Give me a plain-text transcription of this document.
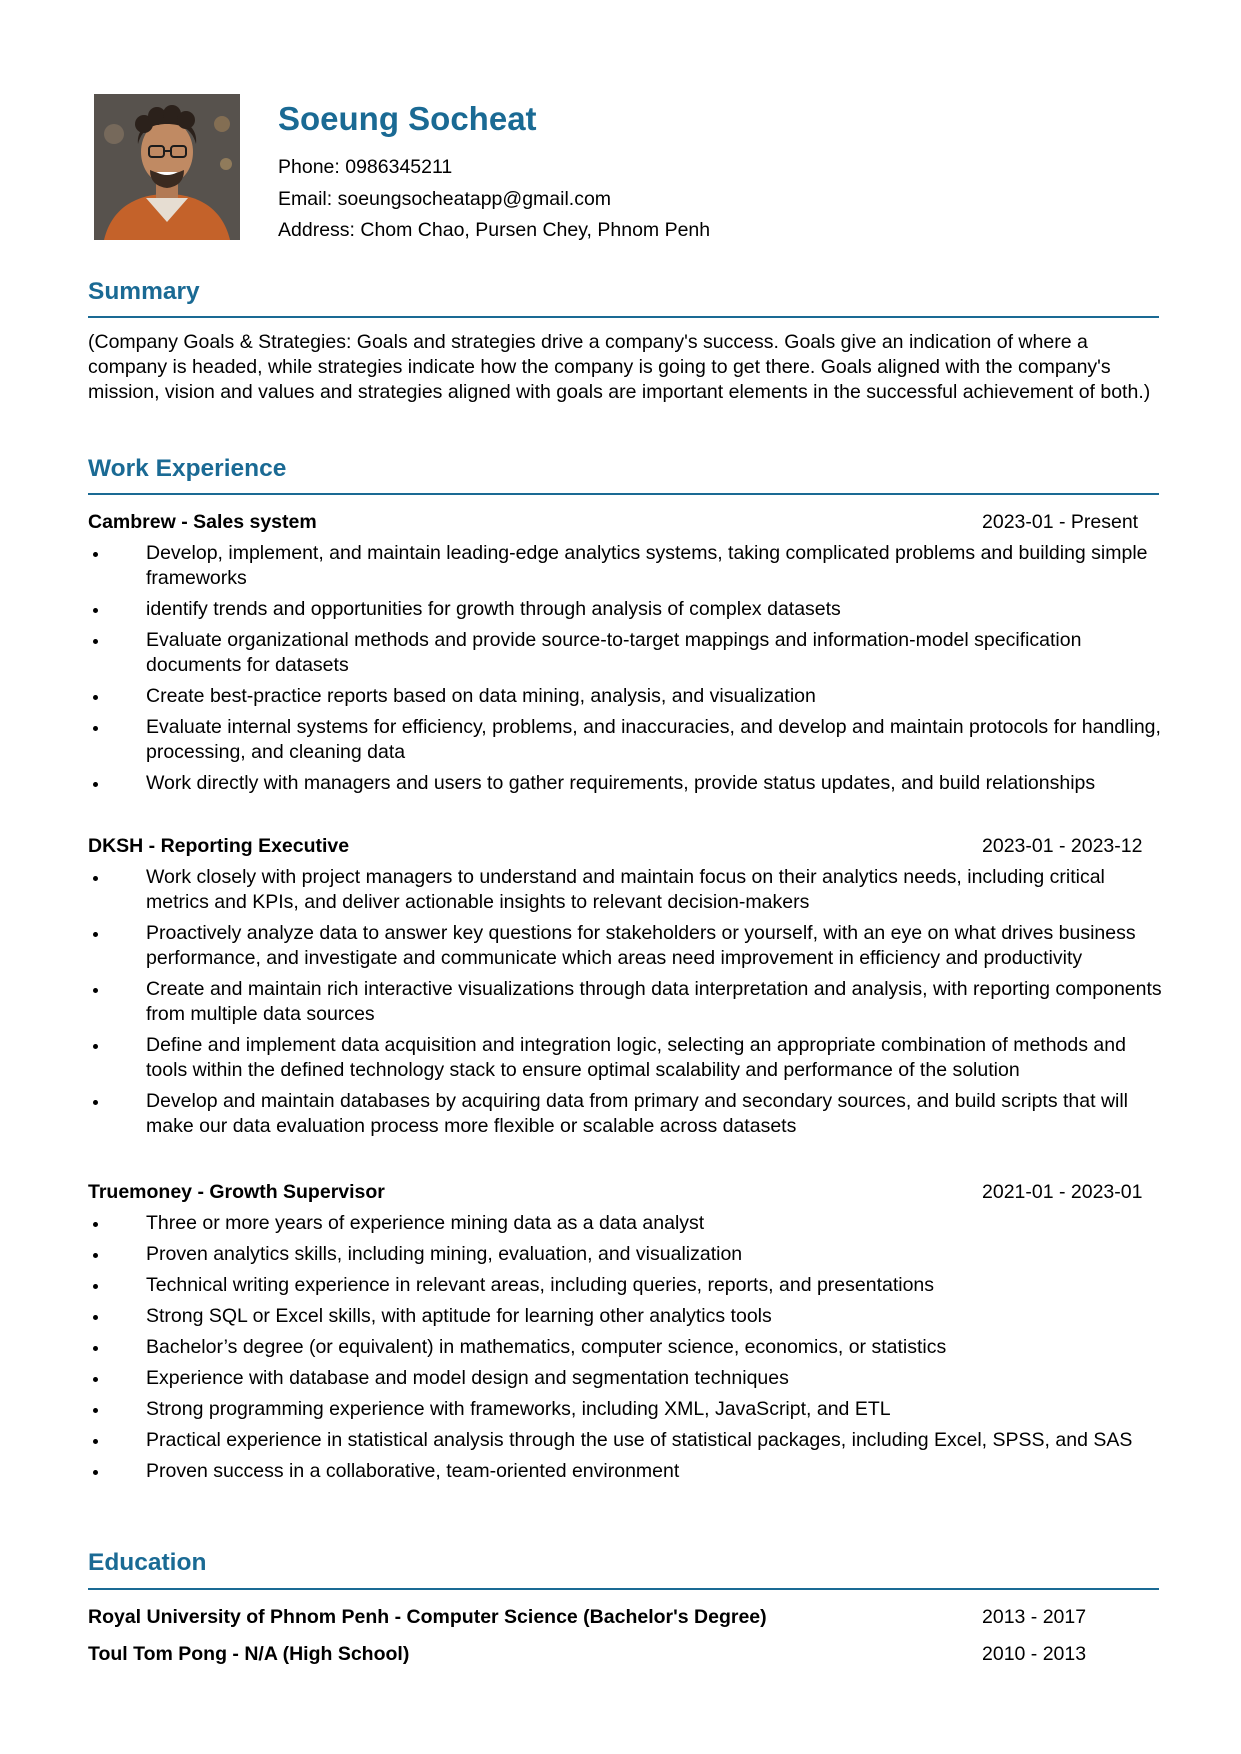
Soeung Socheat
Phone: 0986345211
Email: soeungsocheatapp@gmail.com
Address: Chom Chao, Pursen Chey, Phnom Penh
Summary
(Company Goals & Strategies: Goals and strategies drive a company's success. Goals give an indication of where a company is headed, while strategies indicate how the company is going to get there. Goals aligned with the company's mission, vision and values and strategies aligned with goals are important elements in the successful achievement of both.)
Work Experience
Cambrew - Sales system	2023-01 - Present
Develop, implement, and maintain leading-edge analytics systems, taking complicated problems and building simple frameworks
identify trends and opportunities for growth through analysis of complex datasets
Evaluate organizational methods and provide source-to-target mappings and information-model specification documents for datasets
Create best-practice reports based on data mining, analysis, and visualization
Evaluate internal systems for efficiency, problems, and inaccuracies, and develop and maintain protocols for handling, processing, and cleaning data
Work directly with managers and users to gather requirements, provide status updates, and build relationships
DKSH - Reporting Executive	2023-01 - 2023-12
Work closely with project managers to understand and maintain focus on their analytics needs, including critical metrics and KPIs, and deliver actionable insights to relevant decision-makers
Proactively analyze data to answer key questions for stakeholders or yourself, with an eye on what drives business performance, and investigate and communicate which areas need improvement in efficiency and productivity
Create and maintain rich interactive visualizations through data interpretation and analysis, with reporting components from multiple data sources
Define and implement data acquisition and integration logic, selecting an appropriate combination of methods and tools within the defined technology stack to ensure optimal scalability and performance of the solution
Develop and maintain databases by acquiring data from primary and secondary sources, and build scripts that will make our data evaluation process more flexible or scalable across datasets
Truemoney - Growth Supervisor	2021-01 - 2023-01
Three or more years of experience mining data as a data analyst
Proven analytics skills, including mining, evaluation, and visualization
Technical writing experience in relevant areas, including queries, reports, and presentations
Strong SQL or Excel skills, with aptitude for learning other analytics tools
Bachelor’s degree (or equivalent) in mathematics, computer science, economics, or statistics
Experience with database and model design and segmentation techniques
Strong programming experience with frameworks, including XML, JavaScript, and ETL
Practical experience in statistical analysis through the use of statistical packages, including Excel, SPSS, and SAS
Proven success in a collaborative, team-oriented environment
Education
Royal University of Phnom Penh - Computer Science (Bachelor's Degree)	2013 - 2017
Toul Tom Pong - N/A (High School)	2010 - 2013
